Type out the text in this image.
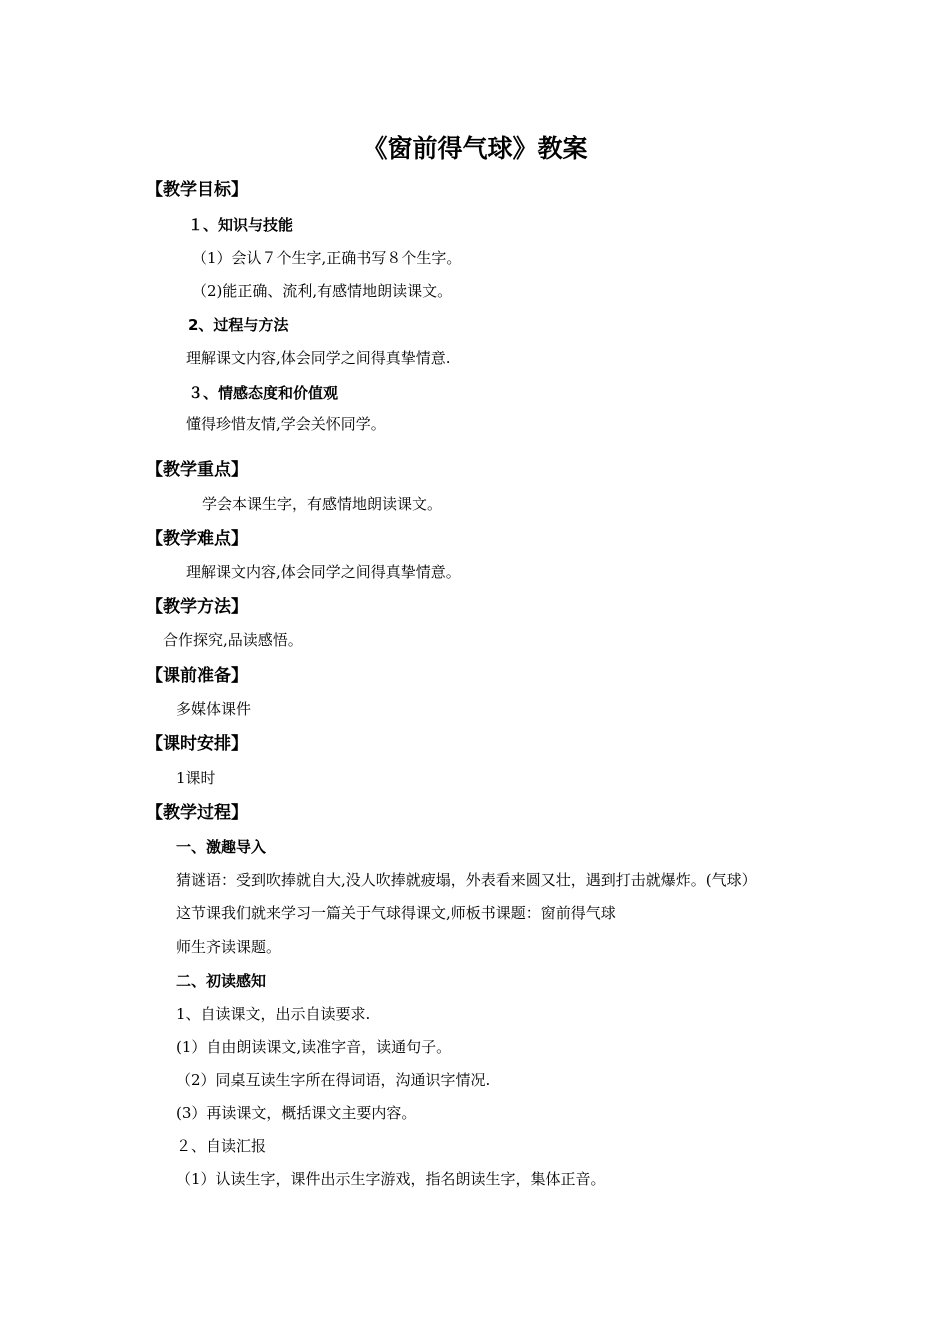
《窗前得气球》教案
【教学目标】
１、知识与技能
（1）会认７个生字,正确书写８个生字。
（2)能正确、流利,有感情地朗读课文。
2、过程与方法
理解课文内容,体会同学之间得真挚情意.
３、情感态度和价值观
懂得珍惜友情,学会关怀同学。
【教学重点】
学会本课生字，有感情地朗读课文。
【教学难点】
理解课文内容,体会同学之间得真挚情意。
【教学方法】
合作探究,品读感悟。
【课前准备】
多媒体课件
【课时安排】
1课时
【教学过程】
一、激趣导入
猜谜语：受到吹捧就自大,没人吹捧就疲塌，外表看来圆又壮，遇到打击就爆炸。(气球）
这节课我们就来学习一篇关于气球得课文,师板书课题：窗前得气球
师生齐读课题。
二、初读感知
1、自读课文，出示自读要求.
(1）自由朗读课文,读准字音，读通句子。
（2）同桌互读生字所在得词语，沟通识字情况.
(3）再读课文，概括课文主要内容。
２、自读汇报
（1）认读生字，课件出示生字游戏，指名朗读生字，集体正音。
